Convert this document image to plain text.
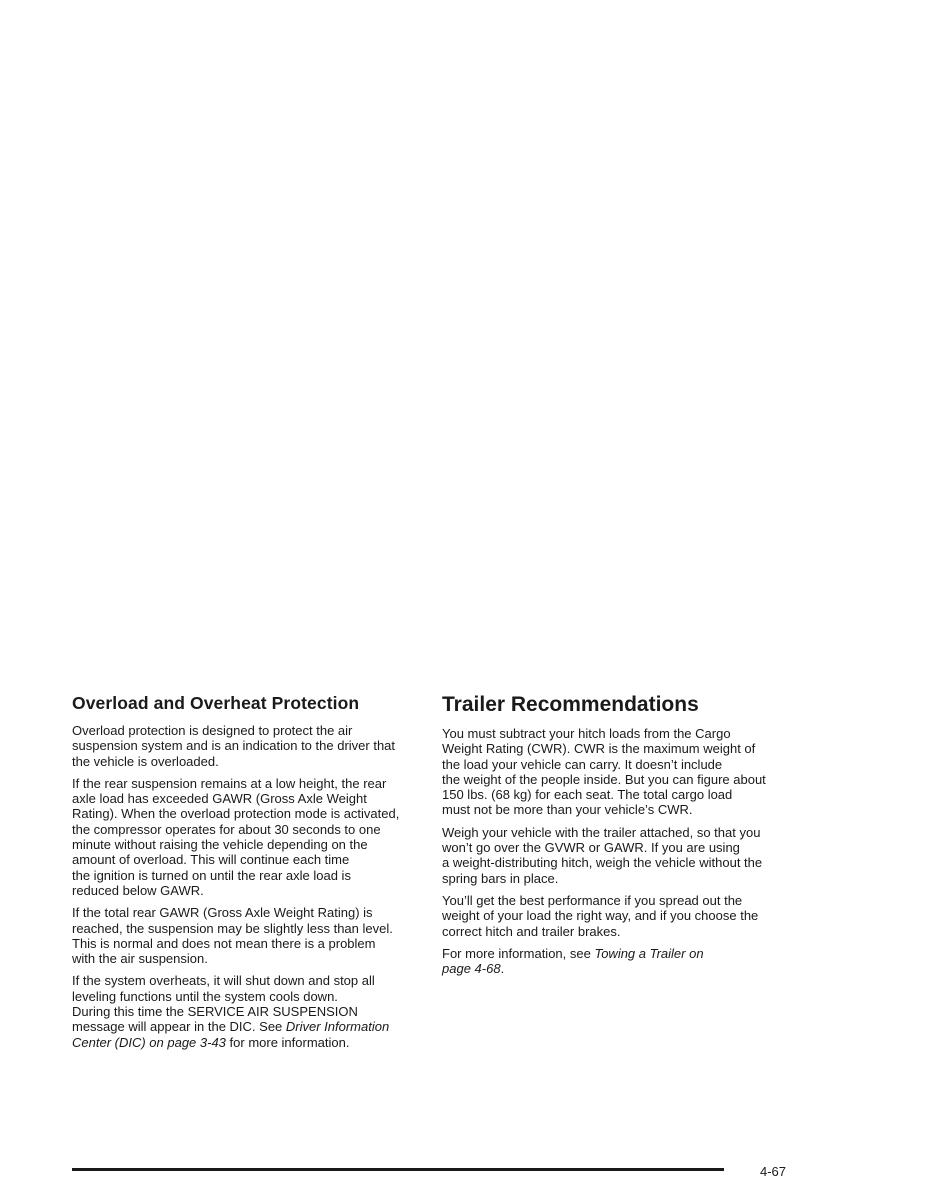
Overload and Overheat Protection

Overload protection is designed to protect the air
suspension system and is an indication to the driver that
the vehicle is overloaded.

If the rear suspension remains at a low height, the rear
axle load has exceeded GAWR (Gross Axle Weight
Rating). When the overload protection mode is activated,
the compressor operates for about 30 seconds to one
minute without raising the vehicle depending on the
amount of overload. This will continue each time
the ignition is turned on until the rear axle load is
reduced below GAWR.

If the total rear GAWR (Gross Axle Weight Rating) is
reached, the suspension may be slightly less than level.
This is normal and does not mean there is a problem
with the air suspension.

If the system overheats, it will shut down and stop all
leveling functions until the system cools down.
During this time the SERVICE AIR SUSPENSION
message will appear in the DIC. See Driver Information
Center (DIC) on page 3-43 for more information.

Trailer Recommendations

You must subtract your hitch loads from the Cargo
Weight Rating (CWR). CWR is the maximum weight of
the load your vehicle can carry. It doesn’t include
the weight of the people inside. But you can figure about
150 lbs. (68 kg) for each seat. The total cargo load
must not be more than your vehicle’s CWR.

Weigh your vehicle with the trailer attached, so that you
won’t go over the GVWR or GAWR. If you are using
a weight-distributing hitch, weigh the vehicle without the
spring bars in place.

You’ll get the best performance if you spread out the
weight of your load the right way, and if you choose the
correct hitch and trailer brakes.

For more information, see Towing a Trailer on
page 4-68.

4-67
